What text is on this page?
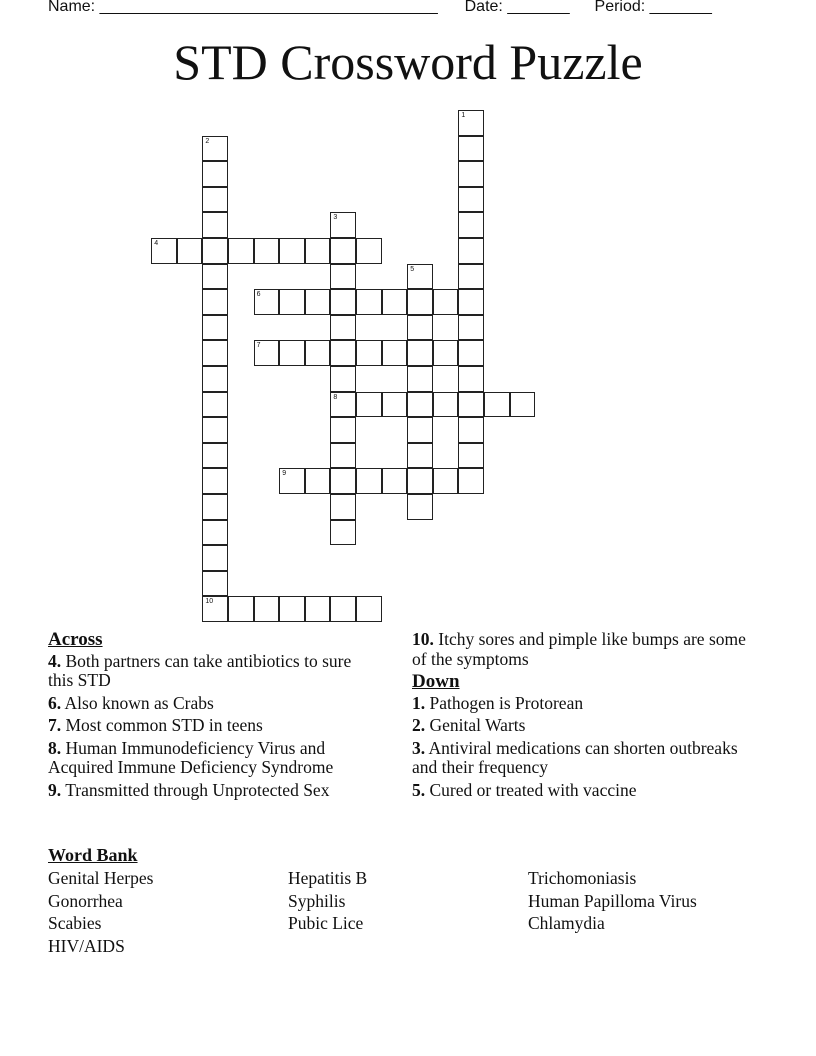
Name: ______________________________________ Date: _______ Period: _______
STD Crossword Puzzle
1
2
10
3
8
4
5
6
7
9
Across
4. Both partners can take antibiotics to sure this STD
6. Also known as Crabs
7. Most common STD in teens
8. Human Immunodeficiency Virus and Acquired Immune Deficiency Syndrome
9. Transmitted through Unprotected Sex
10. Itchy sores and pimple like bumps are some of the symptoms
Down
1. Pathogen is Protorean
2. Genital Warts
3. Antiviral medications can shorten outbreaks and their frequency
5. Cured or treated with vaccine
Word Bank
Genital Herpes
Gonorrhea
Scabies
HIV/AIDS
Hepatitis B
Syphilis
Pubic Lice
Trichomoniasis
Human Papilloma Virus
Chlamydia
